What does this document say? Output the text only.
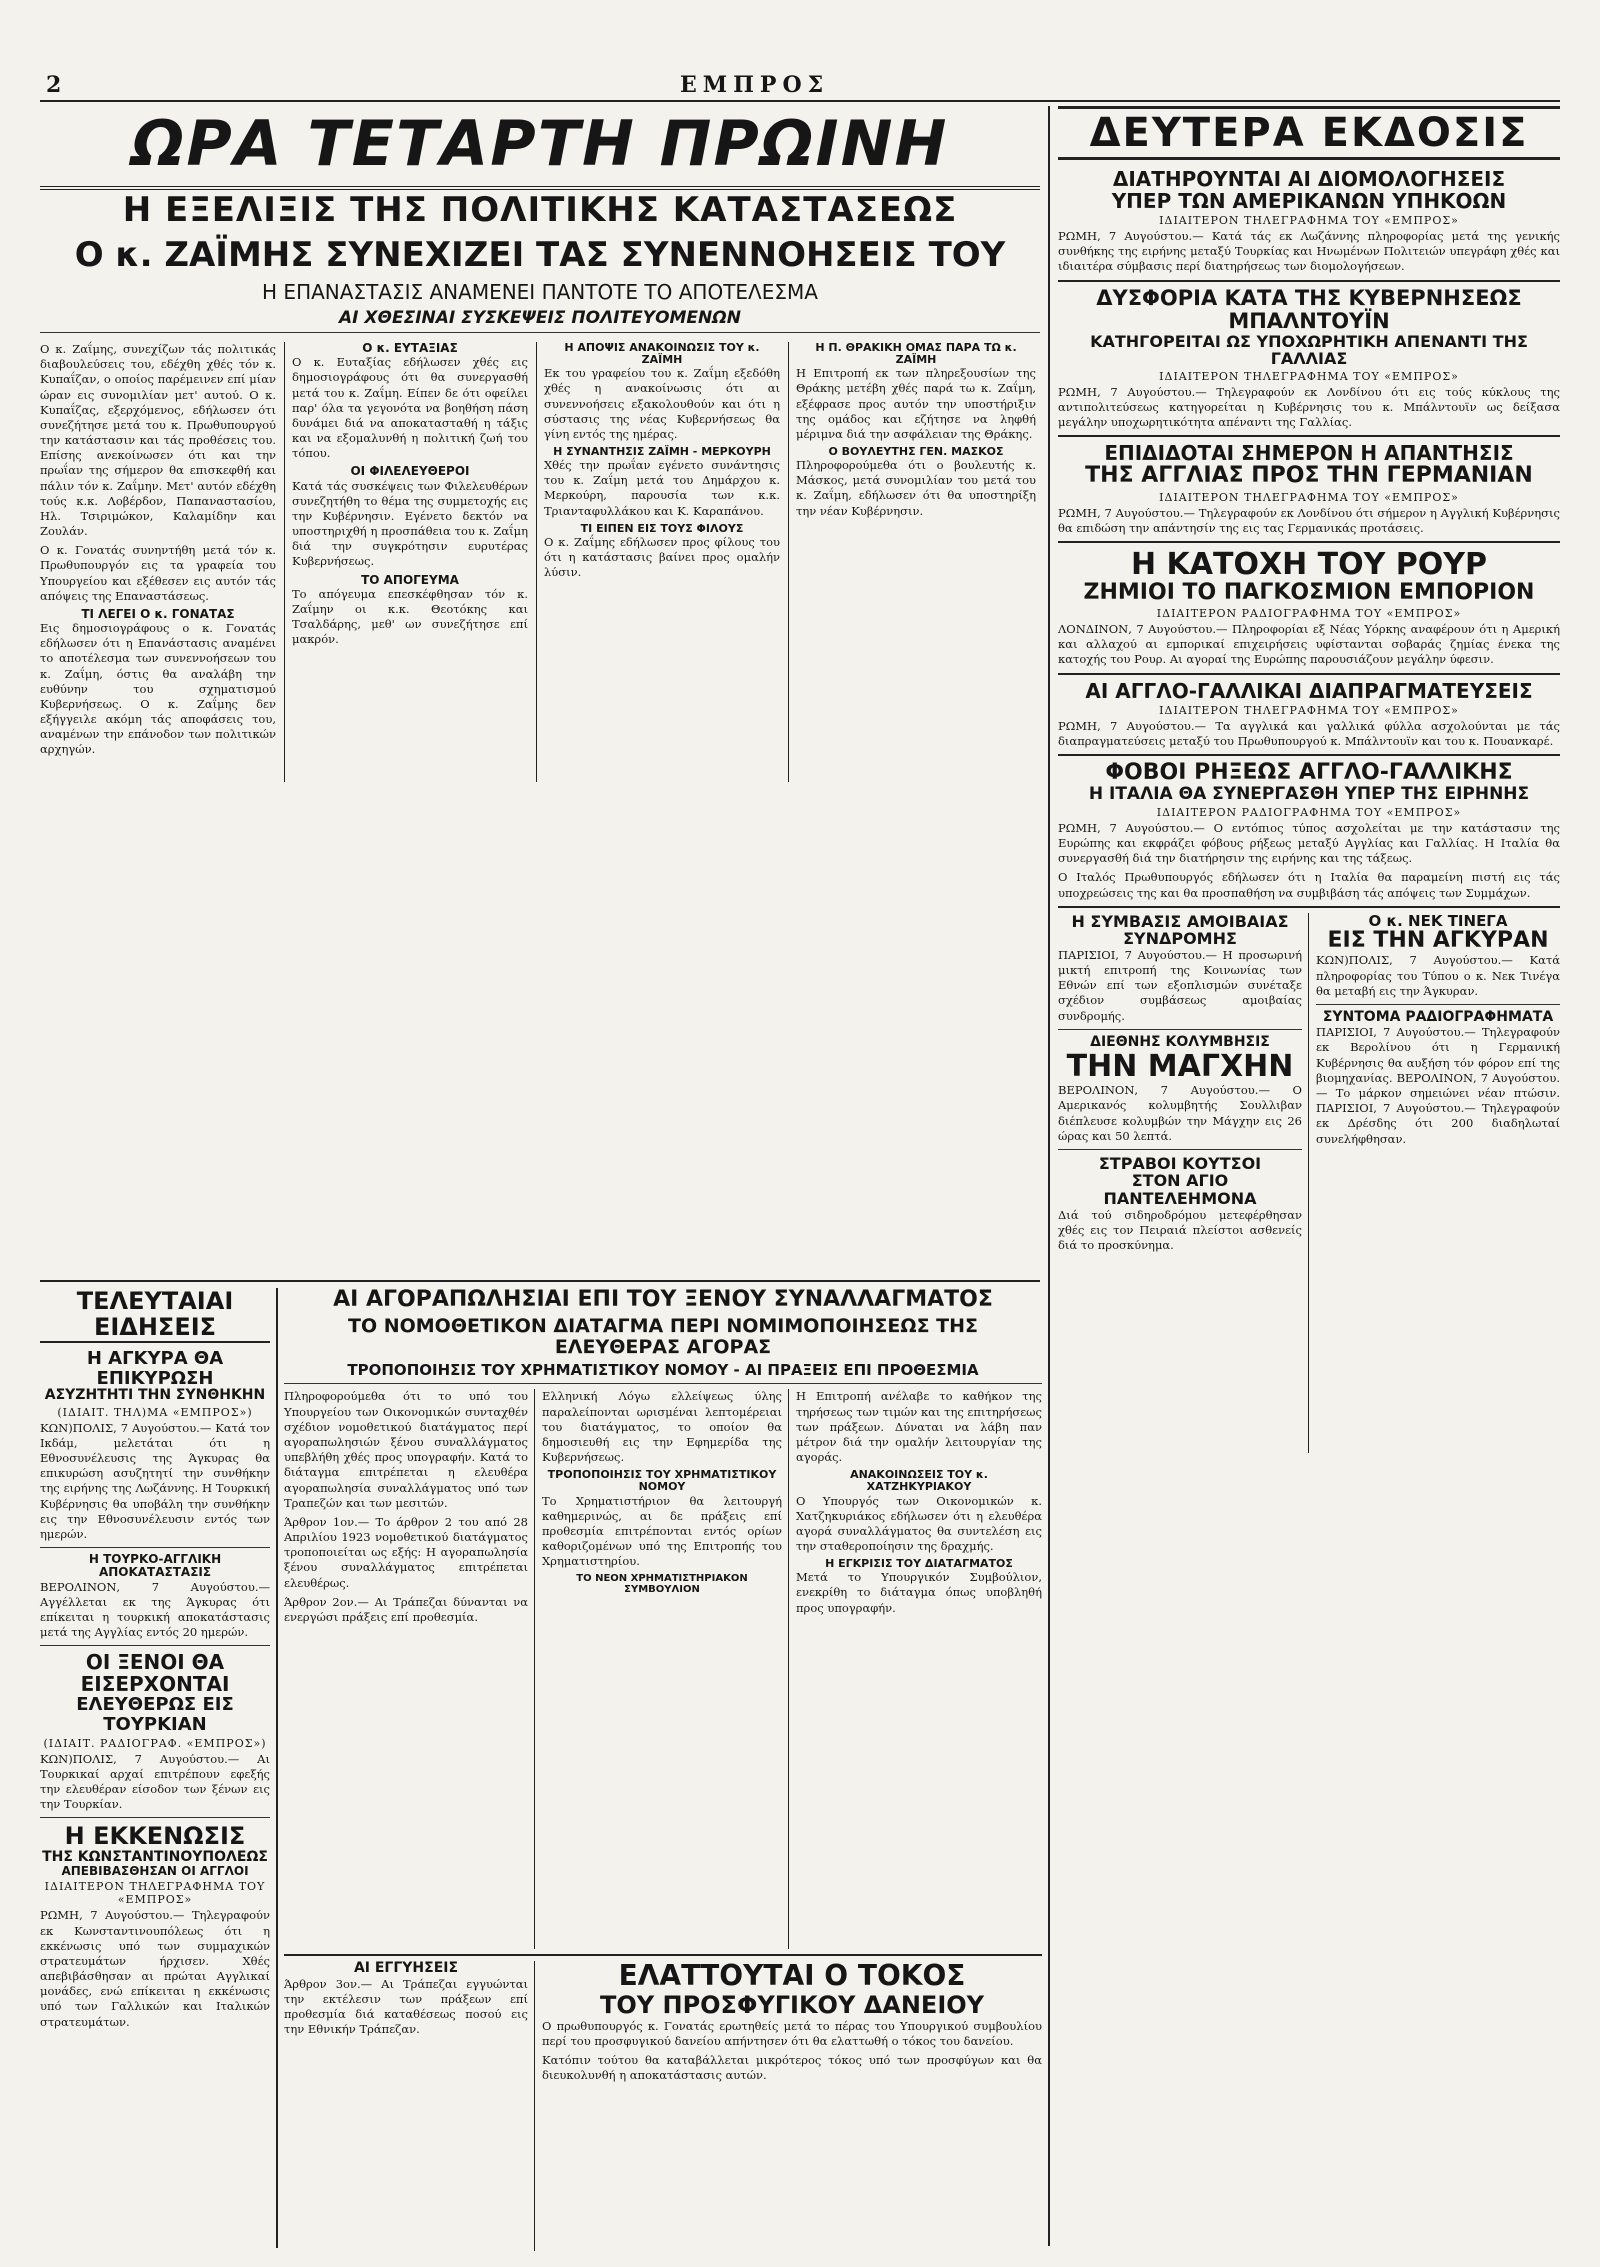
2	ΕΜΠΡΟΣ
ΩΡΑ ΤΕΤΑΡΤΗ ΠΡΩΙΝΗ
Η ΕΞΕΛΙΞΙΣ ΤΗΣ ΠΟΛΙΤΙΚΗΣ ΚΑΤΑΣΤΑΣΕΩΣ
Ο κ. ΖΑΪΜΗΣ ΣΥΝΕΧΙΖΕΙ ΤΑΣ ΣΥΝΕΝΝΟΗΣΕΙΣ ΤΟΥ
Η ΕΠΑΝΑΣΤΑΣΙΣ ΑΝΑΜΕΝΕΙ ΠΑΝΤΟΤΕ ΤΟ ΑΠΟΤΕΛΕΣΜΑ
ΑΙ ΧΘΕΣΙΝΑΙ ΣΥΣΚΕΨΕΙΣ ΠΟΛΙΤΕΥΟΜΕΝΩΝ

Ο κ. Ζαΐμης, συνεχίζων τάς πολιτικάς διαβουλεύσεις του, εδέχθη χθές τόν κ. Κυπαΐζαν, ο οποίος παρέμεινεν επί μίαν ώραν εις συνομιλίαν μετ' αυτού. Ο κ. Κυπαΐζας, εξερχόμενος, εδήλωσεν ότι συνεζήτησε μετά του κ. Πρωθυπουργού την κατάστασιν και τάς προθέσεις του. Επίσης ανεκοίνωσεν ότι και την πρωΐαν της σήμερον θα επισκεφθή και πάλιν τόν κ. Ζαΐμην. Μετ' αυτόν εδέχθη τούς κ.κ. Λοβέρδον, Παπαναστασίου, Ηλ. Τσιριμώκον, Καλαμίδην και Ζουλάν.

Ο κ. Γονατάς συνηντήθη μετά τόν κ. Πρωθυπουργόν εις τα γραφεία του Υπουργείου και εξέθεσεν εις αυτόν τάς απόψεις της Επαναστάσεως.

ΤΙ ΛΕΓΕΙ Ο κ. ΓΟΝΑΤΑΣ

Εις δημοσιογράφους ο κ. Γονατάς εδήλωσεν ότι η Επανάστασις αναμένει το αποτέλεσμα των συνεννοήσεων του κ. Ζαΐμη, όστις θα αναλάβη την ευθύνην του σχηματισμού Κυβερνήσεως. Ο κ. Ζαΐμης δεν εξήγγειλε ακόμη τάς αποφάσεις του, αναμένων την επάνοδον των πολιτικών αρχηγών.

Ο κ. ΕΥΤΑΞΙΑΣ

Ο κ. Ευταξίας εδήλωσεν χθές εις δημοσιογράφους ότι θα συνεργασθή μετά του κ. Ζαΐμη. Είπεν δε ότι οφείλει παρ' όλα τα γεγονότα να βοηθήση πάση δυνάμει διά να αποκατασταθή η τάξις και να εξομαλυνθή η πολιτική ζωή του τόπου.

ΟΙ ΦΙΛΕΛΕΥΘΕΡΟΙ

Κατά τάς συσκέψεις των Φιλελευθέρων συνεζητήθη το θέμα της συμμετοχής εις την Κυβέρνησιν. Εγένετο δεκτόν να υποστηριχθή η προσπάθεια του κ. Ζαΐμη διά την συγκρότησιν ευρυτέρας Κυβερνήσεως.

ΤΟ ΑΠΟΓΕΥΜΑ

Το απόγευμα επεσκέφθησαν τόν κ. Ζαΐμην οι κ.κ. Θεοτόκης και Τσαλδάρης, μεθ' ων συνεζήτησε επί μακρόν.

Η ΑΠΟΨΙΣ ΑΝΑΚΟΙΝΩΣΙΣ ΤΟΥ κ. ΖΑΪΜΗ

Εκ του γραφείου του κ. Ζαΐμη εξεδόθη χθές η ανακοίνωσις ότι αι συνεννοήσεις εξακολουθούν και ότι η σύστασις της νέας Κυβερνήσεως θα γίνη εντός της ημέρας.

Η ΣΥΝΑΝΤΗΣΙΣ ΖΑΪΜΗ - ΜΕΡΚΟΥΡΗ

Χθές την πρωΐαν εγένετο συνάντησις του κ. Ζαΐμη μετά του Δημάρχου κ. Μερκούρη, παρουσία των κ.κ. Τριανταφυλλάκου και Κ. Καραπάνου.

ΤΙ ΕΙΠΕΝ ΕΙΣ ΤΟΥΣ ΦΙΛΟΥΣ

Ο κ. Ζαΐμης εδήλωσεν προς φίλους του ότι η κατάστασις βαίνει προς ομαλήν λύσιν.

Η Π. ΘΡΑΚΙΚΗ ΟΜΑΣ ΠΑΡΑ ΤΩ κ. ΖΑΪΜΗ

Η Επιτροπή εκ των πληρεξουσίων της Θράκης μετέβη χθές παρά τω κ. Ζαΐμη, εξέφρασε προς αυτόν την υποστήριξιν της ομάδος και εζήτησε να ληφθή μέριμνα διά την ασφάλειαν της Θράκης.

Ο ΒΟΥΛΕΥΤΗΣ ΓΕΝ. ΜΑΣΚΟΣ

Πληροφορούμεθα ότι ο βουλευτής κ. Μάσκος, μετά συνομιλίαν του μετά του κ. Ζαΐμη, εδήλωσεν ότι θα υποστηρίξη την νέαν Κυβέρνησιν.

ΔΕΥΤΕΡΑ ΕΚΔΟΣΙΣ
ΔΙΑΤΗΡΟΥΝΤΑΙ ΑΙ ΔΙΟΜΟΛΟΓΗΣΕΙΣ
ΥΠΕΡ ΤΩΝ ΑΜΕΡΙΚΑΝΩΝ ΥΠΗΚΟΩΝ
ΙΔΙΑΙΤΕΡΟΝ ΤΗΛΕΓΡΑΦΗΜΑ ΤΟΥ «ΕΜΠΡΟΣ»

ΡΩΜΗ, 7 Αυγούστου.— Κατά τάς εκ Λωζάννης πληροφορίας μετά της γενικής συνθήκης της ειρήνης μεταξύ Τουρκίας και Ηνωμένων Πολιτειών υπεγράφη χθές και ιδιαιτέρα σύμβασις περί διατηρήσεως των διομολογήσεων.

ΔΥΣΦΟΡΙΑ ΚΑΤΑ ΤΗΣ ΚΥΒΕΡΝΗΣΕΩΣ ΜΠΑΛΝΤΟΥΪΝ
ΚΑΤΗΓΟΡΕΙΤΑΙ ΩΣ ΥΠΟΧΩΡΗΤΙΚΗ ΑΠΕΝΑΝΤΙ ΤΗΣ ΓΑΛΛΙΑΣ
ΙΔΙΑΙΤΕΡΟΝ ΤΗΛΕΓΡΑΦΗΜΑ ΤΟΥ «ΕΜΠΡΟΣ»

ΡΩΜΗ, 7 Αυγούστου.— Τηλεγραφούν εκ Λονδίνου ότι εις τούς κύκλους της αντιπολιτεύσεως κατηγορείται η Κυβέρνησις του κ. Μπάλντουϊν ως δείξασα μεγάλην υποχωρητικότητα απέναντι της Γαλλίας.

ΕΠΙΔΙΔΟΤΑΙ ΣΗΜΕΡΟΝ Η ΑΠΑΝΤΗΣΙΣ
ΤΗΣ ΑΓΓΛΙΑΣ ΠΡΟΣ ΤΗΝ ΓΕΡΜΑΝΙΑΝ
ΙΔΙΑΙΤΕΡΟΝ ΤΗΛΕΓΡΑΦΗΜΑ ΤΟΥ «ΕΜΠΡΟΣ»

ΡΩΜΗ, 7 Αυγούστου.— Τηλεγραφούν εκ Λονδίνου ότι σήμερον η Αγγλική Κυβέρνησις θα επιδώση την απάντησίν της εις τας Γερμανικάς προτάσεις.

Η ΚΑΤΟΧΗ ΤΟΥ ΡΟΥΡ
ΖΗΜΙΟΙ ΤΟ ΠΑΓΚΟΣΜΙΟΝ ΕΜΠΟΡΙΟΝ
ΙΔΙΑΙΤΕΡΟΝ ΡΑΔΙΟΓΡΑΦΗΜΑ ΤΟΥ «ΕΜΠΡΟΣ»

ΛΟΝΔΙΝΟΝ, 7 Αυγούστου.— Πληροφορίαι εξ Νέας Υόρκης αναφέρουν ότι η Αμερική και αλλαχού αι εμπορικαί επιχειρήσεις υφίστανται σοβαράς ζημίας ένεκα της κατοχής του Ρουρ. Αι αγοραί της Ευρώπης παρουσιάζουν μεγάλην ύφεσιν.

ΑΙ ΑΓΓΛΟ-ΓΑΛΛΙΚΑΙ ΔΙΑΠΡΑΓΜΑΤΕΥΣΕΙΣ
ΙΔΙΑΙΤΕΡΟΝ ΤΗΛΕΓΡΑΦΗΜΑ ΤΟΥ «ΕΜΠΡΟΣ»

ΡΩΜΗ, 7 Αυγούστου.— Τα αγγλικά και γαλλικά φύλλα ασχολούνται με τάς διαπραγματεύσεις μεταξύ του Πρωθυπουργού κ. Μπάλντουϊν και του κ. Πουανκαρέ.

ΦΟΒΟΙ ΡΗΞΕΩΣ ΑΓΓΛΟ-ΓΑΛΛΙΚΗΣ
Η ΙΤΑΛΙΑ ΘΑ ΣΥΝΕΡΓΑΣΘΗ ΥΠΕΡ ΤΗΣ ΕΙΡΗΝΗΣ
ΙΔΙΑΙΤΕΡΟΝ ΡΑΔΙΟΓΡΑΦΗΜΑ ΤΟΥ «ΕΜΠΡΟΣ»

ΡΩΜΗ, 7 Αυγούστου.— Ο εντόπιος τύπος ασχολείται με την κατάστασιν της Ευρώπης και εκφράζει φόβους ρήξεως μεταξύ Αγγλίας και Γαλλίας. Η Ιταλία θα συνεργασθή διά την διατήρησιν της ειρήνης και της τάξεως.

Ο Ιταλός Πρωθυπουργός εδήλωσεν ότι η Ιταλία θα παραμείνη πιστή εις τάς υποχρεώσεις της και θα προσπαθήση να συμβιβάση τάς απόψεις των Συμμάχων.

Η ΣΥΜΒΑΣΙΣ ΑΜΟΙΒΑΙΑΣ ΣΥΝΔΡΟΜΗΣ

ΠΑΡΙΣΙΟΙ, 7 Αυγούστου.— Η προσωρινή μικτή επιτροπή της Κοινωνίας των Εθνών επί των εξοπλισμών συνέταξε σχέδιον συμβάσεως αμοιβαίας συνδρομής.

ΔΙΕΘΝΗΣ ΚΟΛΥΜΒΗΣΙΣ
ΤΗΝ ΜΑΓΧΗΝ

ΒΕΡΟΛΙΝΟΝ, 7 Αυγούστου.— Ο Αμερικανός κολυμβητής Σουλλιβαν διέπλευσε κολυμβών την Μάγχην εις 26 ώρας και 50 λεπτά.

ΣΤΡΑΒΟΙ ΚΟΥΤΣΟΙ
ΣΤΟΝ ΑΓΙΟ ΠΑΝΤΕΛΕΗΜΟΝΑ

Διά τού σιδηροδρόμου μετεφέρθησαν χθές εις τον Πειραιά πλείστοι ασθενείς διά το προσκύνημα.

Ο κ. ΝΕΚ ΤΙΝΕΓΑ
ΕΙΣ ΤΗΝ ΑΓΚΥΡΑΝ

ΚΩΝ)ΠΟΛΙΣ, 7 Αυγούστου.— Κατά πληροφορίας του Τύπου ο κ. Νεκ Τινέγα θα μεταβή εις την Άγκυραν.

ΣΥΝΤΟΜΑ ΡΑΔΙΟΓΡΑΦΗΜΑΤΑ

ΠΑΡΙΣΙΟΙ, 7 Αυγούστου.— Τηλεγραφούν εκ Βερολίνου ότι η Γερμανική Κυβέρνησις θα αυξήση τόν φόρον επί της βιομηχανίας. ΒΕΡΟΛΙΝΟΝ, 7 Αυγούστου.— Το μάρκον σημειώνει νέαν πτώσιν. ΠΑΡΙΣΙΟΙ, 7 Αυγούστου.— Τηλεγραφούν εκ Δρέσδης ότι 200 διαδηλωταί συνελήφθησαν.

ΤΕΛΕΥΤΑΙΑΙ ΕΙΔΗΣΕΙΣ
Η ΑΓΚΥΡΑ ΘΑ ΕΠΙΚΥΡΩΣΗ
ΑΣΥΖΗΤΗΤΙ ΤΗΝ ΣΥΝΘΗΚΗΝ
(ΙΔΙΑΙΤ. ΤΗΛ)ΜΑ «ΕΜΠΡΟΣ»)

ΚΩΝ)ΠΟΛΙΣ, 7 Αυγούστου.— Κατά τον Ικδάμ, μελετάται ότι η Εθνοσυνέλευσις της Άγκυρας θα επικυρώση ασυζητητί την συνθήκην της ειρήνης της Λωζάννης. Η Τουρκική Κυβέρνησις θα υποβάλη την συνθήκην εις την Εθνοσυνέλευσιν εντός των ημερών.

Η ΤΟΥΡΚΟ-ΑΓΓΛΙΚΗ ΑΠΟΚΑΤΑΣΤΑΣΙΣ

ΒΕΡΟΛΙΝΟΝ, 7 Αυγούστου.— Αγγέλλεται εκ της Άγκυρας ότι επίκειται η τουρκική αποκατάστασις μετά της Αγγλίας εντός 20 ημερών.

ΟΙ ΞΕΝΟΙ ΘΑ ΕΙΣΕΡΧΟΝΤΑΙ
ΕΛΕΥΘΕΡΩΣ ΕΙΣ ΤΟΥΡΚΙΑΝ
(ΙΔΙΑΙΤ. ΡΑΔΙΟΓΡΑΦ. «ΕΜΠΡΟΣ»)

ΚΩΝ)ΠΟΛΙΣ, 7 Αυγούστου.— Αι Τουρκικαί αρχαί επιτρέπουν εφεξής την ελευθέραν είσοδον των ξένων εις την Τουρκίαν.

Η ΕΚΚΕΝΩΣΙΣ
ΤΗΣ ΚΩΝΣΤΑΝΤΙΝΟΥΠΟΛΕΩΣ
ΑΠΕΒΙΒΑΣΘΗΣΑΝ ΟΙ ΑΓΓΛΟΙ
ΙΔΙΑΙΤΕΡΟΝ ΤΗΛΕΓΡΑΦΗΜΑ ΤΟΥ «ΕΜΠΡΟΣ»

ΡΩΜΗ, 7 Αυγούστου.— Τηλεγραφούν εκ Κωνσταντινουπόλεως ότι η εκκένωσις υπό των συμμαχικών στρατευμάτων ήρχισεν. Χθές απεβιβάσθησαν αι πρώται Αγγλικαί μονάδες, ενώ επίκειται η εκκένωσις υπό των Γαλλικών και Ιταλικών στρατευμάτων.

ΑΙ ΑΓΟΡΑΠΩΛΗΣΙΑΙ ΕΠΙ ΤΟΥ ΞΕΝΟΥ ΣΥΝΑΛΛΑΓΜΑΤΟΣ
ΤΟ ΝΟΜΟΘΕΤΙΚΟΝ ΔΙΑΤΑΓΜΑ ΠΕΡΙ ΝΟΜΙΜΟΠΟΙΗΣΕΩΣ ΤΗΣ ΕΛΕΥΘΕΡΑΣ ΑΓΟΡΑΣ
ΤΡΟΠΟΠΟΙΗΣΙΣ ΤΟΥ ΧΡΗΜΑΤΙΣΤΙΚΟΥ ΝΟΜΟΥ - ΑΙ ΠΡΑΞΕΙΣ ΕΠΙ ΠΡΟΘΕΣΜΙΑ

Πληροφορούμεθα ότι το υπό του Υπουργείου των Οικονομικών συνταχθέν σχέδιον νομοθετικού διατάγματος περί αγοραπωλησιών ξένου συναλλάγματος υπεβλήθη χθές προς υπογραφήν. Κατά το διάταγμα επιτρέπεται η ελευθέρα αγοραπωλησία συναλλάγματος υπό των Τραπεζών και των μεσιτών.

Άρθρον 1ον.— Το άρθρον 2 του από 28 Απριλίου 1923 νομοθετικού διατάγματος τροποποιείται ως εξής: Η αγοραπωλησία ξένου συναλλάγματος επιτρέπεται ελευθέρως.

Άρθρον 2ον.— Αι Τράπεζαι δύνανται να ενεργώσι πράξεις επί προθεσμία.

Ελληνική Λόγω ελλείψεως ύλης παραλείπονται ωρισμέναι λεπτομέρειαι του διατάγματος, το οποίον θα δημοσιευθή εις την Εφημερίδα της Κυβερνήσεως.

ΤΡΟΠΟΠΟΙΗΣΙΣ ΤΟΥ ΧΡΗΜΑΤΙΣΤΙΚΟΥ ΝΟΜΟΥ

Το Χρηματιστήριον θα λειτουργή καθημερινώς, αι δε πράξεις επί προθεσμία επιτρέπονται εντός ορίων καθοριζομένων υπό της Επιτροπής του Χρηματιστηρίου.

ΤΟ ΝΕΟΝ ΧΡΗΜΑΤΙΣΤΗΡΙΑΚΟΝ ΣΥΜΒΟΥΛΙΟΝ

Η Επιτροπή ανέλαβε το καθήκον της τηρήσεως των τιμών και της επιτηρήσεως των πράξεων. Δύναται να λάβη παν μέτρον διά την ομαλήν λειτουργίαν της αγοράς.

ΑΝΑΚΟΙΝΩΣΕΙΣ ΤΟΥ κ. ΧΑΤΖΗΚΥΡΙΑΚΟΥ

Ο Υπουργός των Οικονομικών κ. Χατζηκυριάκος εδήλωσεν ότι η ελευθέρα αγορά συναλλάγματος θα συντελέση εις την σταθεροποίησιν της δραχμής.

Η ΕΓΚΡΙΣΙΣ ΤΟΥ ΔΙΑΤΑΓΜΑΤΟΣ

Μετά το Υπουργικόν Συμβούλιον, ενεκρίθη το διάταγμα όπως υποβληθή προς υπογραφήν.

ΑΙ ΕΓΓΥΗΣΕΙΣ

Άρθρον 3ον.— Αι Τράπεζαι εγγυώνται την εκτέλεσιν των πράξεων επί προθεσμία διά καταθέσεως ποσού εις την Εθνικήν Τράπεζαν.

ΕΛΑΤΤΟΥΤΑΙ Ο ΤΟΚΟΣ
ΤΟΥ ΠΡΟΣΦΥΓΙΚΟΥ ΔΑΝΕΙΟΥ

Ο πρωθυπουργός κ. Γονατάς ερωτηθείς μετά το πέρας του Υπουργικού συμβουλίου περί του προσφυγικού δανείου απήντησεν ότι θα ελαττωθή ο τόκος του δανείου.

Κατόπιν τούτου θα καταβάλλεται μικρότερος τόκος υπό των προσφύγων και θα διευκολυνθή η αποκατάστασις αυτών.
